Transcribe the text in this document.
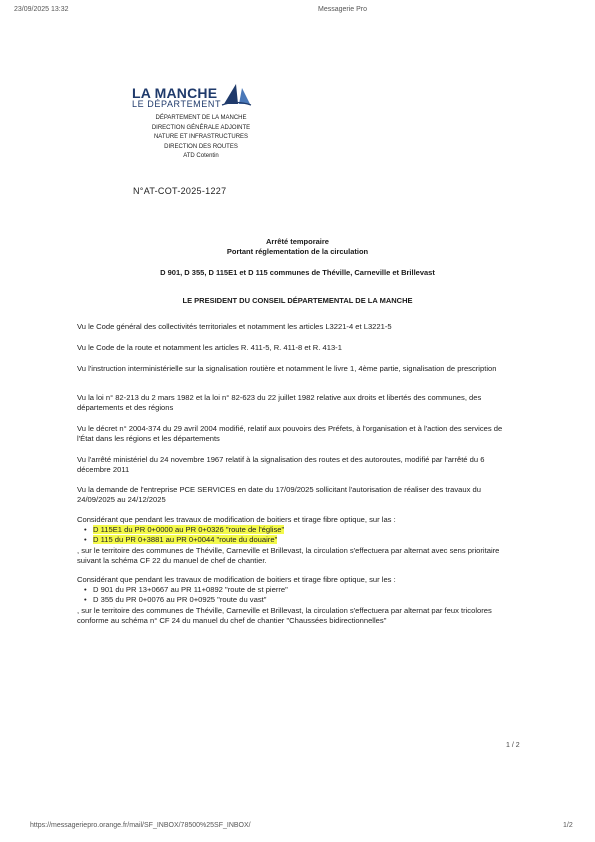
23/09/2025 13:32	Messagerie Pro
LA MANCHE
LE DÉPARTEMENT
DÉPARTEMENT DE LA MANCHE
DIRECTION GÉNÉRALE ADJOINTE
NATURE ET INFRASTRUCTURES
DIRECTION DES ROUTES
ATD Cotentin
N°AT-COT-2025-1227
Arrêté temporaire
Portant réglementation de la circulation
D 901, D 355, D 115E1 et D 115 communes de Théville, Carneville et Brillevast
LE PRESIDENT DU CONSEIL DÉPARTEMENTAL DE LA MANCHE
Vu le Code général des collectivités territoriales et notamment les articles L3221-4 et L3221-5
Vu le Code de la route et notamment les articles R. 411-5, R. 411-8 et R. 413-1
Vu l'instruction interministérielle sur la signalisation routière et notamment le livre 1, 4ème partie, signalisation de prescription
Vu la loi n° 82-213 du 2 mars 1982 et la loi n° 82-623 du 22 juillet 1982 relative aux droits et libertés des communes, des départements et des régions
Vu le décret n° 2004-374 du 29 avril 2004 modifié, relatif aux pouvoirs des Préfets, à l'organisation et à l'action des services de l'État dans les régions et les départements
Vu l'arrêté ministériel du 24 novembre 1967 relatif à la signalisation des routes et des autoroutes, modifié par l'arrêté du 6 décembre 2011
Vu la demande de l'entreprise PCE SERVICES en date du 17/09/2025 sollicitant l'autorisation de réaliser des travaux du 24/09/2025 au 24/12/2025
Considérant que pendant les travaux de modification de boitiers et tirage fibre optique, sur las :
• D 115E1 du PR 0+0000 au PR 0+0326 "route de l'église"
• D 115 du PR 0+3881 au PR 0+0044 "route du douaire"
, sur le territoire des communes de Théville, Carneville et Brillevast, la circulation s'effectuera par alternat avec sens prioritaire suivant la schéma CF 22 du manuel de chef de chantier.
Considérant que pendant les travaux de modification de boitiers et tirage fibre optique, sur les :
• D 901 du PR 13+0667 au PR 11+0892 "route de st pierre"
• D 355 du PR 0+0076 au PR 0+0925 "route du vast"
, sur le territoire des communes de Théville, Carneville et Brillevast, la circulation s'effectuera par alternat par feux tricolores conforme au schéma n° CF 24 du manuel du chef de chantier "Chaussées bidirectionnelles"
1 / 2
https://messageriepro.orange.fr/mail/SF_INBOX/78500%25SF_INBOX/	1/2
